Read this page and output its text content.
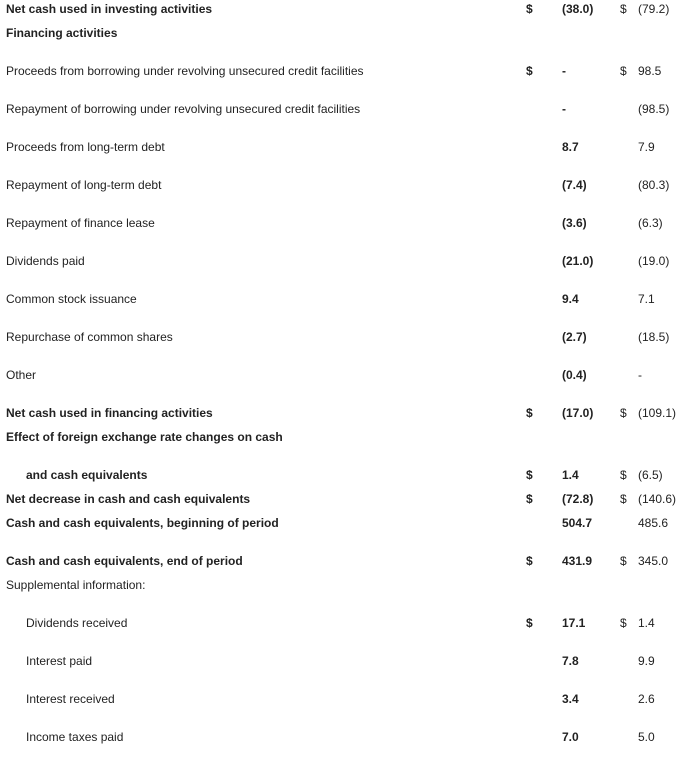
Net cash used in investing activities	$ (38.0) $ (79.2)
Financing activities
Proceeds from borrowing under revolving unsecured credit facilities	$ -	$ 98.5
Repayment of borrowing under revolving unsecured credit facilities	-	(98.5)
Proceeds from long-term debt	8.7	7.9
Repayment of long-term debt	(7.4)	(80.3)
Repayment of finance lease	(3.6)	(6.3)
Dividends paid	(21.0)	(19.0)
Common stock issuance	9.4	7.1
Repurchase of common shares	(2.7)	(18.5)
Other	(0.4)	-
Net cash used in financing activities	$ (17.0) $ (109.1)
Effect of foreign exchange rate changes on cash
and cash equivalents	$ 1.4	$ (6.5)
Net decrease in cash and cash equivalents	$ (72.8) $ (140.6)
Cash and cash equivalents, beginning of period	504.7	485.6
Cash and cash equivalents, end of period	$ 431.9 $ 345.0
Supplemental information:
Dividends received	$ 17.1	$ 1.4
Interest paid	7.8	9.9
Interest received	3.4	2.6
Income taxes paid	7.0	5.0
